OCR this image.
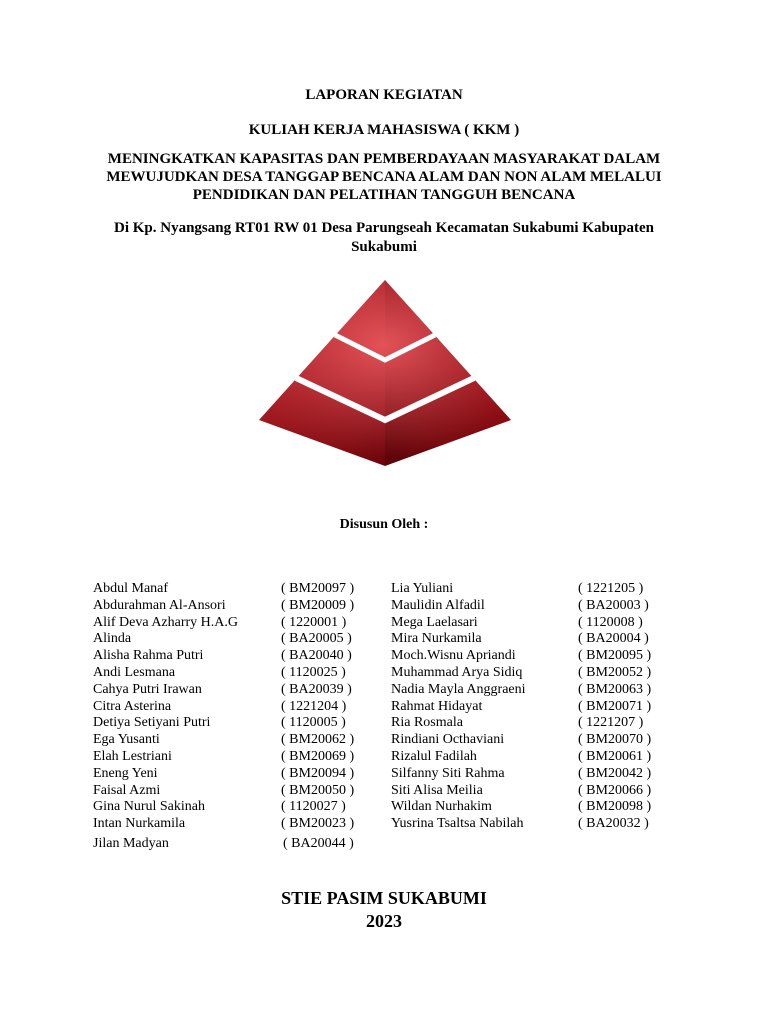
LAPORAN KEGIATAN
KULIAH KERJA MAHASISWA ( KKM )
MENINGKATKAN KAPASITAS DAN PEMBERDAYAAN MASYARAKAT DALAM
MEWUJUDKAN DESA TANGGAP BENCANA ALAM DAN NON ALAM MELALUI
PENDIDIKAN DAN PELATIHAN TANGGUH BENCANA
Di Kp. Nyangsang RT01 RW 01 Desa Parungseah Kecamatan Sukabumi Kabupaten
Sukabumi
Disusun Oleh :
Abdul Manaf
Abdurahman Al-Ansori
Alif Deva Azharry H.A.G
Alinda
Alisha Rahma Putri
Andi Lesmana
Cahya Putri Irawan
Citra Asterina
Detiya Setiyani Putri
Ega Yusanti
Elah Lestriani
Eneng Yeni
Faisal Azmi
Gina Nurul Sakinah
Intan Nurkamila
( BM20097 )
( BM20009 )
( 1220001 )
( BA20005 )
( BA20040 )
( 1120025 )
( BA20039 )
( 1221204 )
( 1120005 )
( BM20062 )
( BM20069 )
( BM20094 )
( BM20050 )
( 1120027 )
( BM20023 )
Lia Yuliani
Maulidin Alfadil
Mega Laelasari
Mira Nurkamila
Moch.Wisnu Apriandi
Muhammad Arya Sidiq
Nadia Mayla Anggraeni
Rahmat Hidayat
Ria Rosmala
Rindiani Octhaviani
Rizalul Fadilah
Silfanny Siti Rahma
Siti Alisa Meilia
Wildan Nurhakim
Yusrina Tsaltsa Nabilah
( 1221205 )
( BA20003 )
( 1120008 )
( BA20004 )
( BM20095 )
( BM20052 )
( BM20063 )
( BM20071 )
( 1221207 )
( BM20070 )
( BM20061 )
( BM20042 )
( BM20066 )
( BM20098 )
( BA20032 )
Jilan Madyan	( BA20044 )
STIE PASIM SUKABUMI
2023
